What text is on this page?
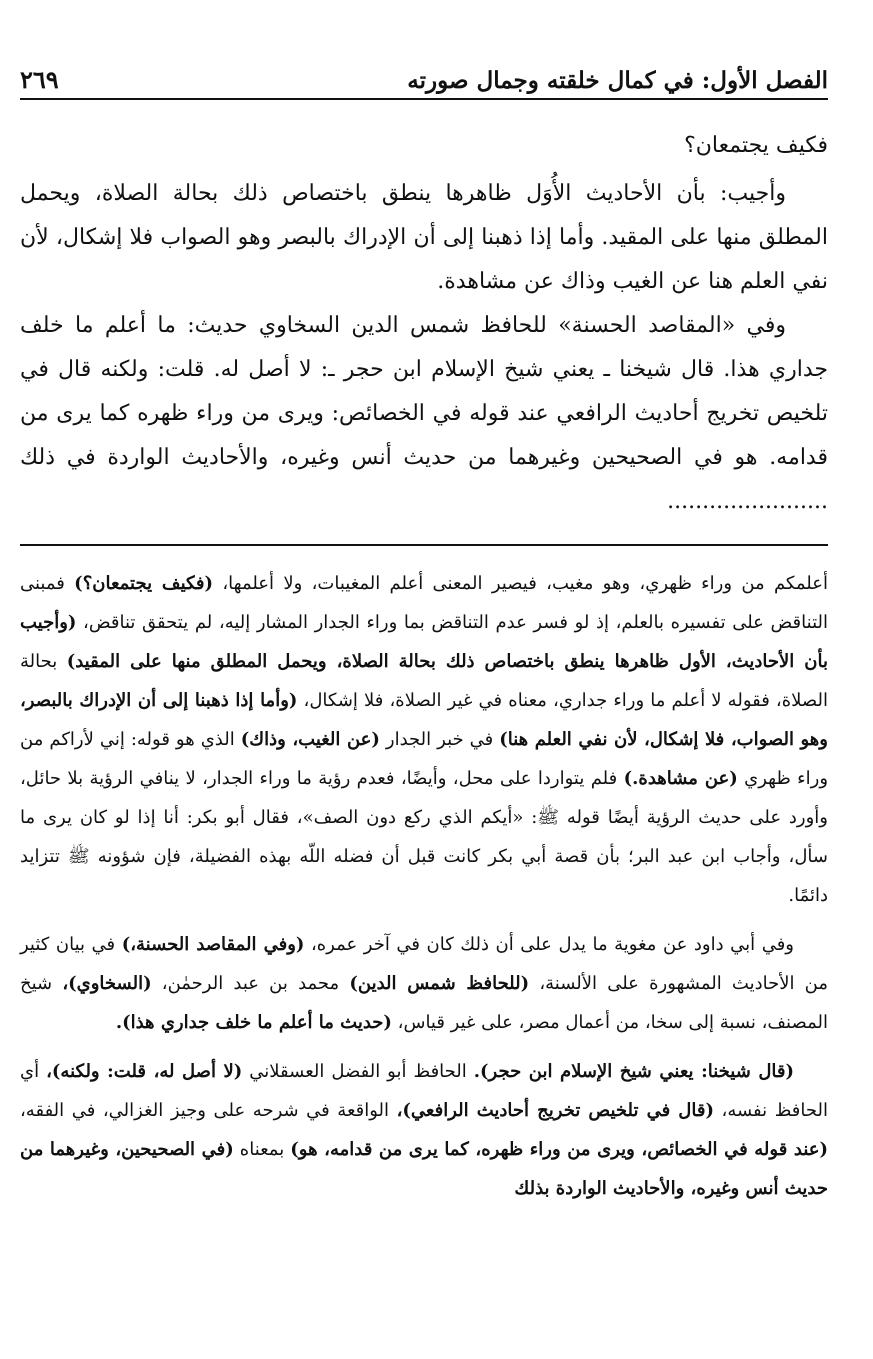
الفصل الأول: في كمال خلقته وجمال صورته
٢٦٩

فكيف يجتمعان؟

وأجيب: بأن الأحاديث الأُوَل ظاهرها ينطق باختصاص ذلك بحالة الصلاة، ويحمل المطلق منها على المقيد. وأما إذا ذهبنا إلى أن الإدراك بالبصر وهو الصواب فلا إشكال، لأن نفي العلم هنا عن الغيب وذاك عن مشاهدة.

وفي «المقاصد الحسنة» للحافظ شمس الدين السخاوي حديث: ما أعلم ما خلف جداري هذا. قال شيخنا ـ يعني شيخ الإسلام ابن حجر ـ: لا أصل له. قلت: ولكنه قال في تلخيص تخريج أحاديث الرافعي عند قوله في الخصائص: ويرى من وراء ظهره كما يرى من قدامه. هو في الصحيحين وغيرهما من حديث أنس وغيره، والأحاديث الواردة في ذلك .......................

أعلمكم من وراء ظهري، وهو مغيب، فيصير المعنى أعلم المغيبات، ولا أعلمها، (فكيف يجتمعان؟) فمبنى التناقض على تفسيره بالعلم، إذ لو فسر عدم التناقض بما وراء الجدار المشار إليه، لم يتحقق تناقض، (وأجيب بأن الأحاديث، الأول ظاهرها ينطق باختصاص ذلك بحالة الصلاة، ويحمل المطلق منها على المقيد) بحالة الصلاة، فقوله لا أعلم ما وراء جداري، معناه في غير الصلاة، فلا إشكال، (وأما إذا ذهبنا إلى أن الإدراك بالبصر، وهو الصواب، فلا إشكال، لأن نفي العلم هنا) في خبر الجدار (عن الغيب، وذاك) الذي هو قوله: إني لأراكم من وراء ظهري (عن مشاهدة.) فلم يتواردا على محل، وأيضًا، فعدم رؤية ما وراء الجدار، لا ينافي الرؤية بلا حائل، وأورد على حديث الرؤية أيضًا قوله ﷺ: «أيكم الذي ركع دون الصف»، فقال أبو بكر: أنا إذا لو كان يرى ما سأل، وأجاب ابن عبد البر؛ بأن قصة أبي بكر كانت قبل أن فضله اللّه بهذه الفضيلة، فإن شؤونه ﷺ تتزايد دائمًا.

وفي أبي داود عن مغوية ما يدل على أن ذلك كان في آخر عمره، (وفي المقاصد الحسنة،) في بيان كثير من الأحاديث المشهورة على الألسنة، (للحافظ شمس الدين) محمد بن عبد الرحمٰن، (السخاوي)، شيخ المصنف، نسبة إلى سخا، من أعمال مصر، على غير قياس، (حديث ما أعلم ما خلف جداري هذا).

(قال شيخنا: يعني شيخ الإسلام ابن حجر). الحافظ أبو الفضل العسقلاني (لا أصل له، قلت: ولكنه)، أي الحافظ نفسه، (قال في تلخيص تخريج أحاديث الرافعي)، الواقعة في شرحه على وجيز الغزالي، في الفقه، (عند قوله في الخصائص، ويرى من وراء ظهره، كما يرى من قدامه، هو) بمعناه (في الصحيحين، وغيرهما من حديث أنس وغيره، والأحاديث الواردة بذلك
